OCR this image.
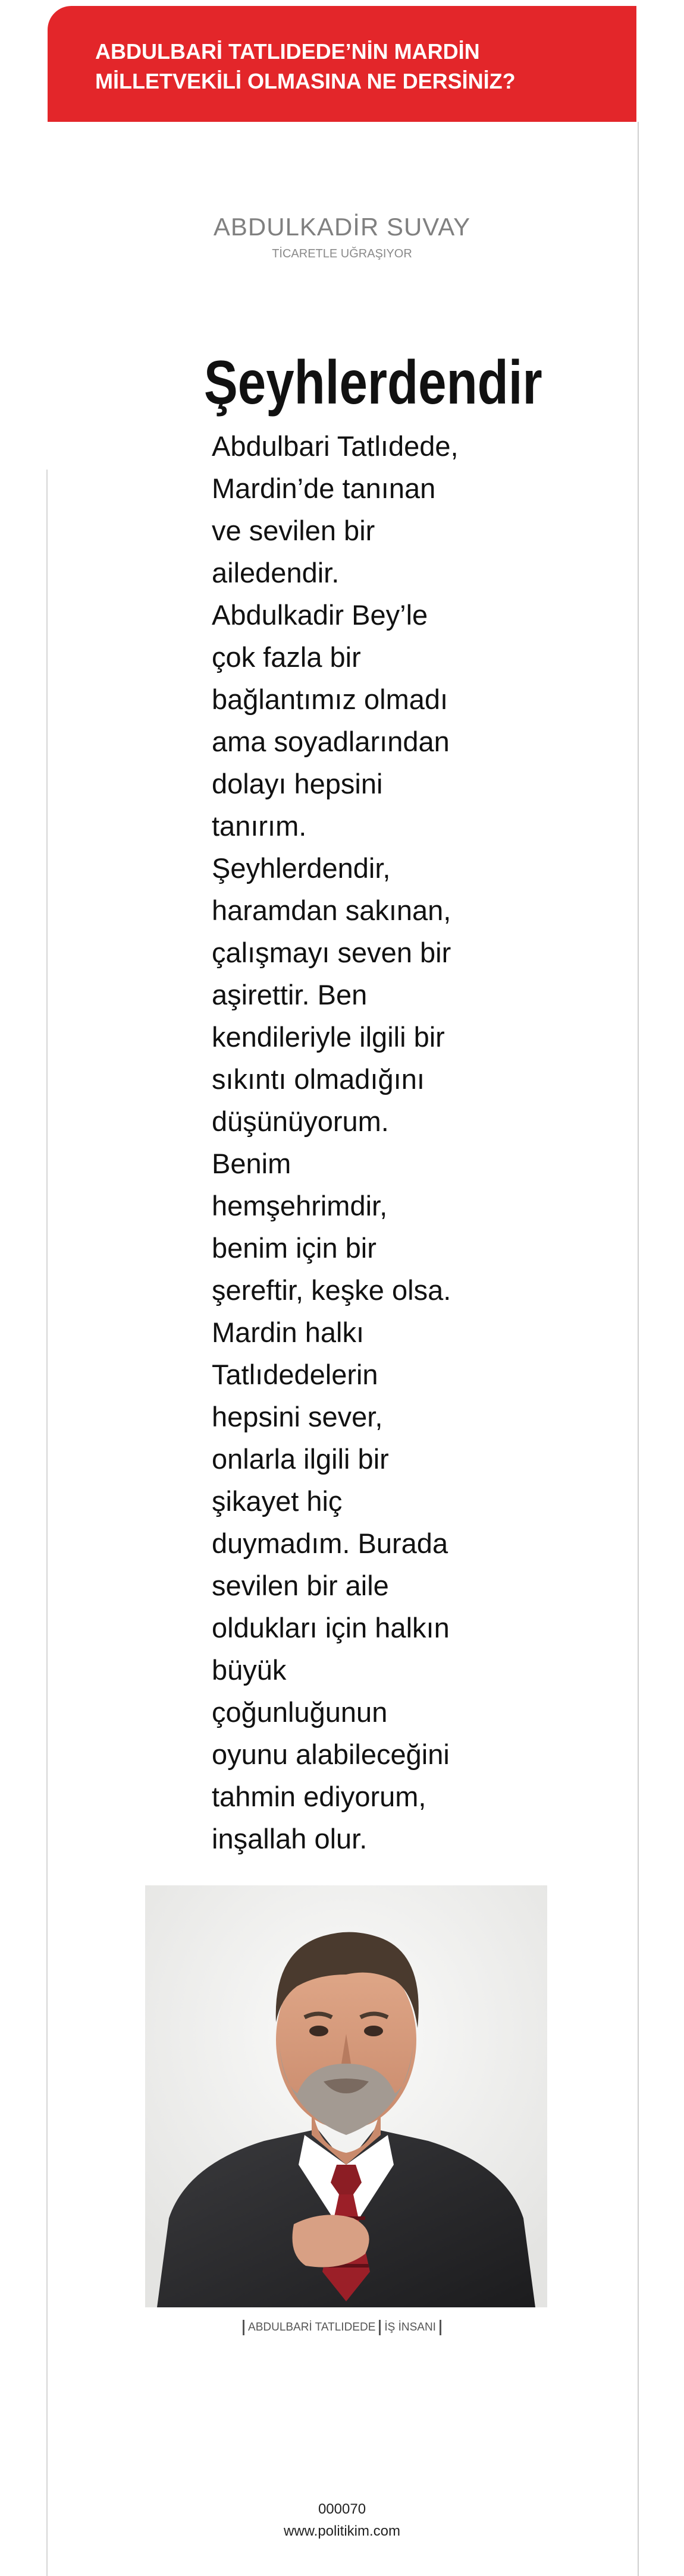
ABDULBARİ TATLIDEDE’NİN MARDİN MİLLETVEKİLİ OLMASINA NE DERSİNİZ?

ABDULKADİR SUVAY
TİCARETLE UĞRAŞIYOR
Şeyhlerdendir

Abdulbari Tatlıdede, Mardin’de tanınan ve sevilen bir ailedendir. Abdulkadir Bey’le çok fazla bir bağlantımız olmadı ama soyadlarından dolayı hepsini tanırım. Şeyhlerdendir, haramdan sakınan, çalışmayı seven bir aşirettir. Ben kendileriyle ilgili bir sıkıntı olmadığını düşünüyorum. Benim hemşehrimdir, benim için bir şereftir, keşke olsa. Mardin halkı Tatlıdedelerin hepsini sever, onlarla ilgili bir şikayet hiç duymadım. Burada sevilen bir aile oldukları için halkın büyük çoğunluğunun oyunu alabileceğini tahmin ediyorum, inşallah olur.

ABDULBARİ TATLIDEDE İŞ İNSANI
000070
www.politikim.com
